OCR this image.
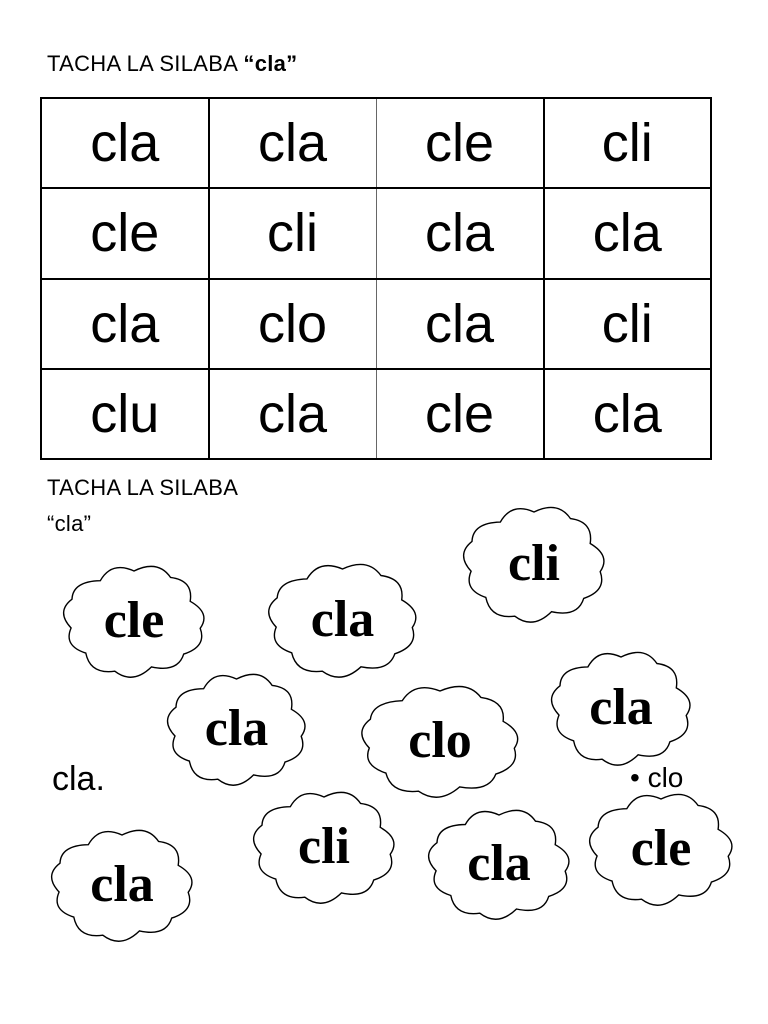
TACHA LA SILABA “cla”
cla	cla	cle	cli
cle	cli	cla	cla
cla	clo	cla	cli
clu	cla	cle	cla
TACHA LA SILABA
“cla”
cla.	• clo
cli
cle	cla
cla	clo
cla
cli	cla	cle
cla
